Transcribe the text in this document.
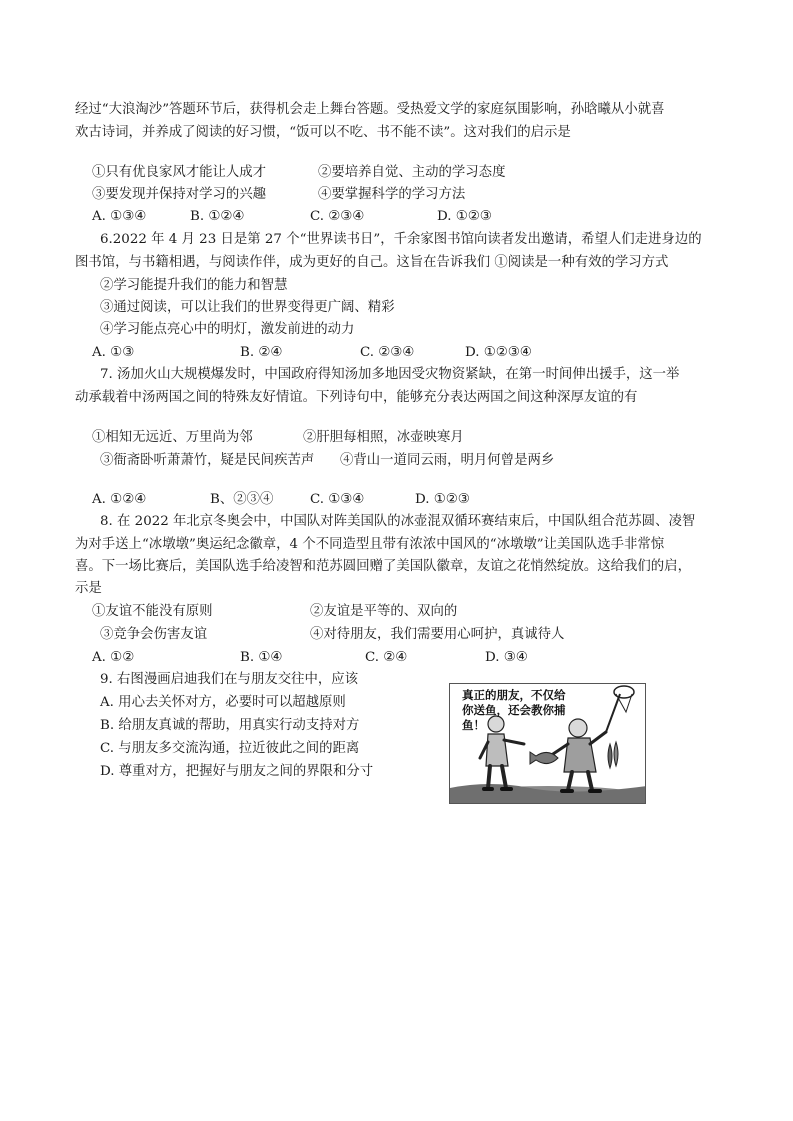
经过“大浪淘沙”答题环节后，获得机会走上舞台答题。受热爱文学的家庭氛围影响，孙晗曦从小就喜
欢古诗词，并养成了阅读的好习惯，“饭可以不吃、书不能不读”。这对我们的启示是
①只有优良家风才能让人成才	②要培养自觉、主动的学习态度
③要发现并保持对学习的兴趣	④要掌握科学的学习方法
A. ①③④	B. ①②④	C. ②③④	D. ①②③
6.2022 年 4 月 23 日是第 27 个“世界读书日”，千余家图书馆向读者发出邀请，希望人们走进身边的
图书馆，与书籍相遇，与阅读作伴，成为更好的自己。这旨在告诉我们 ①阅读是一种有效的学习方式
②学习能提升我们的能力和智慧
③通过阅读，可以让我们的世界变得更广阔、精彩
④学习能点亮心中的明灯，激发前进的动力
A. ①③	B. ②④	C. ②③④	D. ①②③④
7. 汤加火山大规模爆发时，中国政府得知汤加多地因受灾物资紧缺，在第一时间伸出援手，这一举
动承载着中汤两国之间的特殊友好情谊。下列诗句中，能够充分表达两国之间这种深厚友谊的有
①相知无远近、万里尚为邻	②肝胆每相照，冰壶映寒月
③衙斋卧听萧萧竹，疑是民间疾苦声 ④背山一道同云雨，明月何曾是两乡
A. ①②④	B、②③④	C. ①③④	D. ①②③
8. 在 2022 年北京冬奥会中，中国队对阵美国队的冰壶混双循环赛结束后，中国队组合范苏圆、凌智
为对手送上“冰墩墩”奥运纪念徽章，4 个不同造型且带有浓浓中国风的“冰墩墩”让美国队选手非常惊
喜。下一场比赛后，美国队选手给凌智和范苏圆回赠了美国队徽章，友谊之花悄然绽放。这给我们的启，
示是
①友谊不能没有原则	②友谊是平等的、双向的
③竞争会伤害友谊	④对待朋友，我们需要用心呵护，真诚待人
A. ①②	B. ①④	C. ②④	D. ③④
9. 右图漫画启迪我们在与朋友交往中，应该
A. 用心去关怀对方，必要时可以超越原则
B. 给朋友真诚的帮助，用真实行动支持对方
C. 与朋友多交流沟通，拉近彼此之间的距离
D. 尊重对方，把握好与朋友之间的界限和分寸
真正的朋友，不仅给你送鱼，还会教你捕鱼！
